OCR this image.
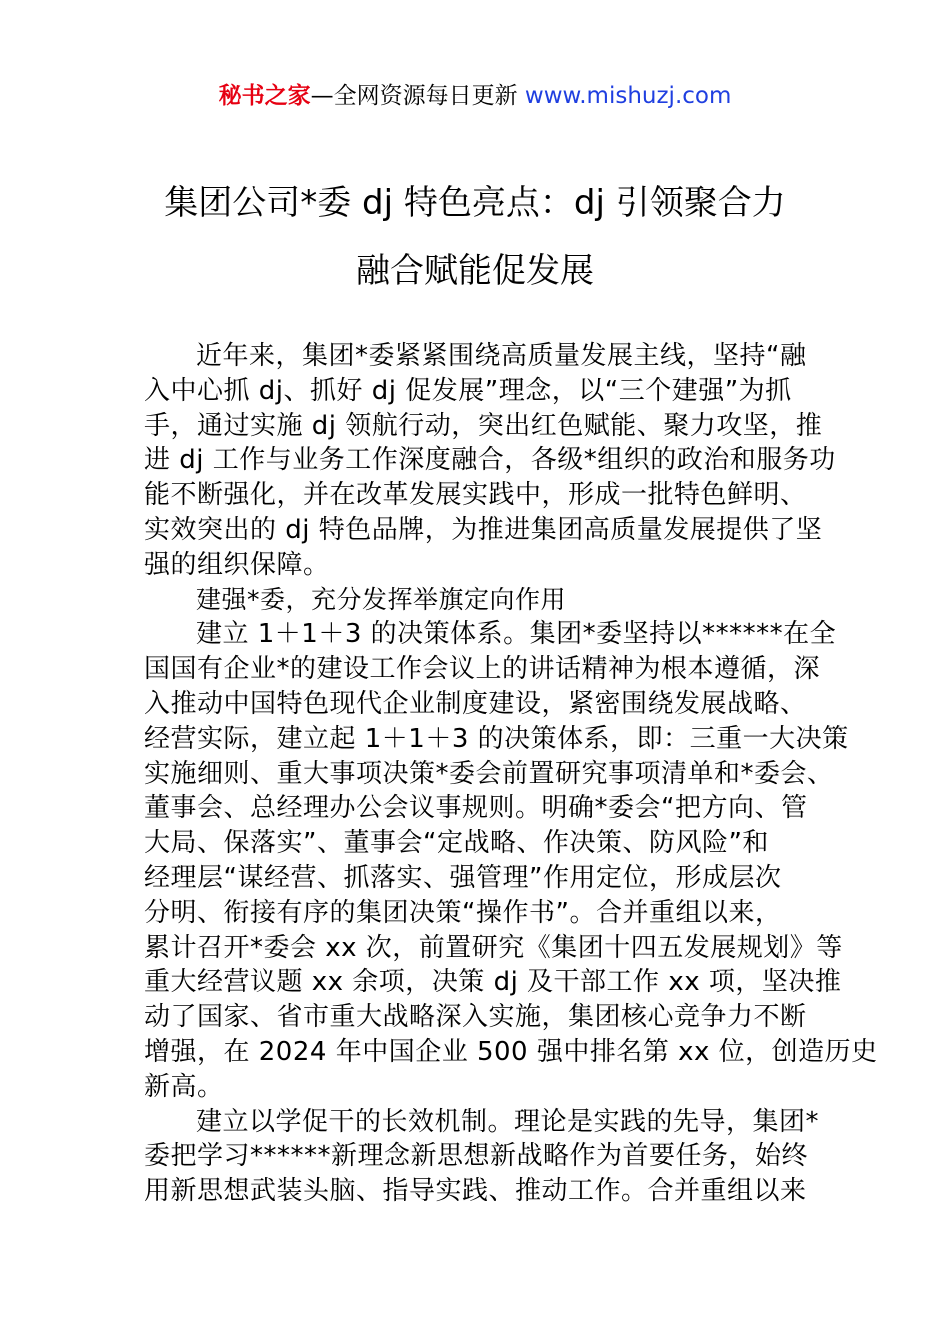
秘书之家—全网资源每日更新 www.mishuzj.com
集团公司*委 dj 特色亮点：dj 引领聚合力
融合赋能促发展
近年来，集团*委紧紧围绕高质量发展主线，坚持“融
入中心抓 dj、抓好 dj 促发展”理念，以“三个建强”为抓
手，通过实施 dj 领航行动，突出红色赋能、聚力攻坚，推
进 dj 工作与业务工作深度融合，各级*组织的政治和服务功
能不断强化，并在改革发展实践中，形成一批特色鲜明、
实效突出的 dj 特色品牌，为推进集团高质量发展提供了坚
强的组织保障。
建强*委，充分发挥举旗定向作用
建立 1＋1＋3 的决策体系。集团*委坚持以******在全
国国有企业*的建设工作会议上的讲话精神为根本遵循，深
入推动中国特色现代企业制度建设，紧密围绕发展战略、
经营实际，建立起 1＋1＋3 的决策体系，即：三重一大决策
实施细则、重大事项决策*委会前置研究事项清单和*委会、
董事会、总经理办公会议事规则。明确*委会“把方向、管
大局、保落实”、董事会“定战略、作决策、防风险”和
经理层“谋经营、抓落实、强管理”作用定位，形成层次
分明、衔接有序的集团决策“操作书”。合并重组以来，
累计召开*委会 xx 次，前置研究《集团十四五发展规划》等
重大经营议题 xx 余项，决策 dj 及干部工作 xx 项，坚决推
动了国家、省市重大战略深入实施，集团核心竞争力不断
增强，在 2024 年中国企业 500 强中排名第 xx 位，创造历史
新高。
建立以学促干的长效机制。理论是实践的先导，集团*
委把学习******新理念新思想新战略作为首要任务，始终
用新思想武装头脑、指导实践、推动工作。合并重组以来
